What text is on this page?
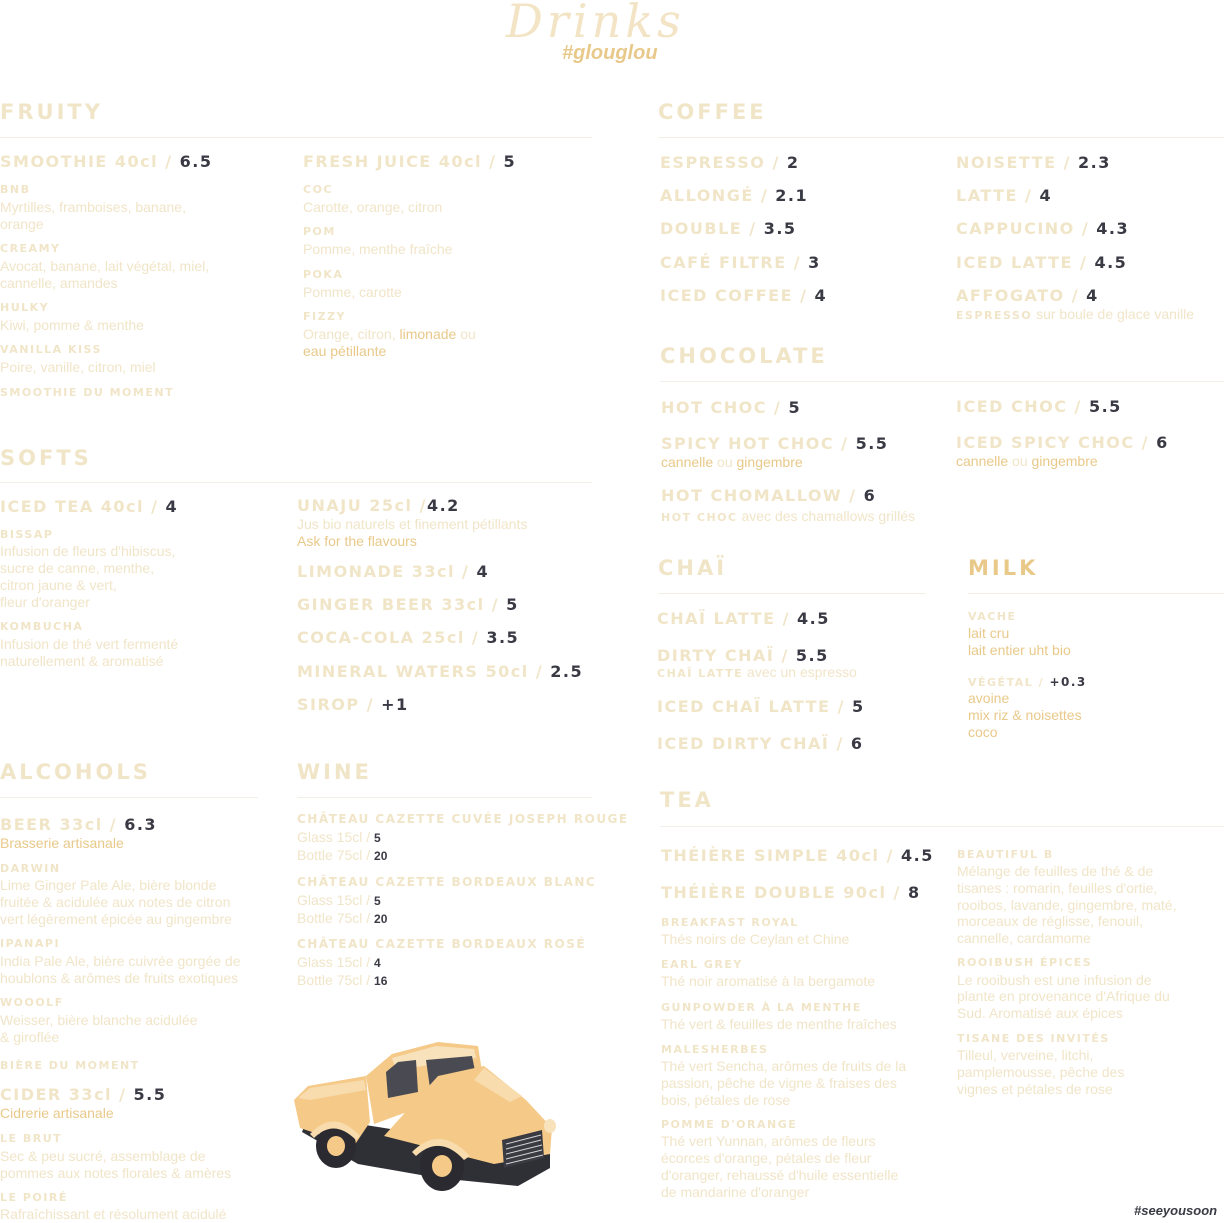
Drinks
#glouglou
FRUITY
SMOOTHIE 40cl / 6.5
BNB
Myrtilles, framboises, banane,
orange
CREAMY
Avocat, banane, lait végétal, miel,
cannelle, amandes
HULKY
Kiwi, pomme & menthe
VANILLA KISS
Poire, vanille, citron, miel
SMOOTHIE DU MOMENT
FRESH JUICE 40cl / 5
COC
Carotte, orange, citron
POM
Pomme, menthe fraîche
POKA
Pomme, carotte
FIZZY
Orange, citron, limonade ou
eau pétillante
SOFTS
ICED TEA 40cl / 4
BISSAP
Infusion de fleurs d'hibiscus,
sucre de canne, menthe,
citron jaune & vert,
fleur d'oranger
KOMBUCHA
Infusion de thé vert fermenté
naturellement & aromatisé
UNAJU 25cl /4.2
Jus bio naturels et finement pétillants
Ask for the flavours
LIMONADE 33cl / 4
GINGER BEER 33cl / 5
COCA-COLA 25cl / 3.5
MINERAL WATERS 50cl / 2.5
SIROP / +1
ALCOHOLS
BEER 33cl / 6.3
Brasserie artisanale
DARWIN
Lime Ginger Pale Ale, bière blonde
fruitée & acidulée aux notes de citron
vert légèrement épicée au gingembre
IPANAPI
India Pale Ale, bière cuivrée gorgée de
houblons & arômes de fruits exotiques
WOOOLF
Weisser, bière blanche acidulée
& giroflée
BIÈRE DU MOMENT
CIDER 33cl / 5.5
Cidrerie artisanale
LE BRUT
Sec & peu sucré, assemblage de
pommes aux notes florales & amères
LE POIRÉ
Rafraîchissant et résolument acidulé
WINE
CHÂTEAU CAZETTE CUVÉE JOSEPH ROUGE
Glass 15cl / 5
Bottle 75cl / 20
CHÂTEAU CAZETTE BORDEAUX BLANC
Glass 15cl / 5
Bottle 75cl / 20
CHÂTEAU CAZETTE BORDEAUX ROSÉ
Glass 15cl / 4
Bottle 75cl / 16
COFFEE
ESPRESSO / 2
ALLONGÉ / 2.1
DOUBLE / 3.5
CAFÉ FILTRE / 3
ICED COFFEE / 4
NOISETTE / 2.3
LATTE / 4
CAPPUCINO / 4.3
ICED LATTE / 4.5
AFFOGATO / 4
ESPRESSO sur boule de glace vanille
CHOCOLATE
HOT CHOC / 5
SPICY HOT CHOC / 5.5
cannelle ou gingembre
HOT CHOMALLOW / 6
HOT CHOC avec des chamallows grillés
ICED CHOC / 5.5
ICED SPICY CHOC / 6
cannelle ou gingembre
CHAÏ
CHAÏ LATTE / 4.5
DIRTY CHAÏ / 5.5
CHAÏ LATTE avec un espresso
ICED CHAÏ LATTE / 5
ICED DIRTY CHAÏ / 6
MILK
VACHE
lait cru
lait entier uht bio
VÉGÉTAL / +0.3
avoine
mix riz & noisettes
coco
TEA
THÉIÈRE SIMPLE 40cl / 4.5
THÉIÈRE DOUBLE 90cl / 8
BREAKFAST ROYAL
Thés noirs de Ceylan et Chine
EARL GREY
Thé noir aromatisé à la bergamote
GUNPOWDER À LA MENTHE
Thé vert & feuilles de menthe fraîches
MALESHERBES
Thé vert Sencha, arômes de fruits de la
passion, pêche de vigne & fraises des
bois, pétales de rose
POMME D'ORANGE
Thé vert Yunnan, arômes de fleurs
écorces d'orange, pétales de fleur
d'oranger, rehaussé d'huile essentielle
de mandarine d'oranger
BEAUTIFUL B
Mélange de feuilles de thé & de
tisanes : romarin, feuilles d'ortie,
rooibos, lavande, gingembre, maté,
morceaux de réglisse, fenouil,
cannelle, cardamome
ROOIBUSH ÉPICES
Le rooibush est une infusion de
plante en provenance d'Afrique du
Sud. Aromatisé aux épices
TISANE DES INVITÉS
Tilleul, verveine, litchi,
pamplemousse, pêche des
vignes et pétales de rose
#seeyousoon
